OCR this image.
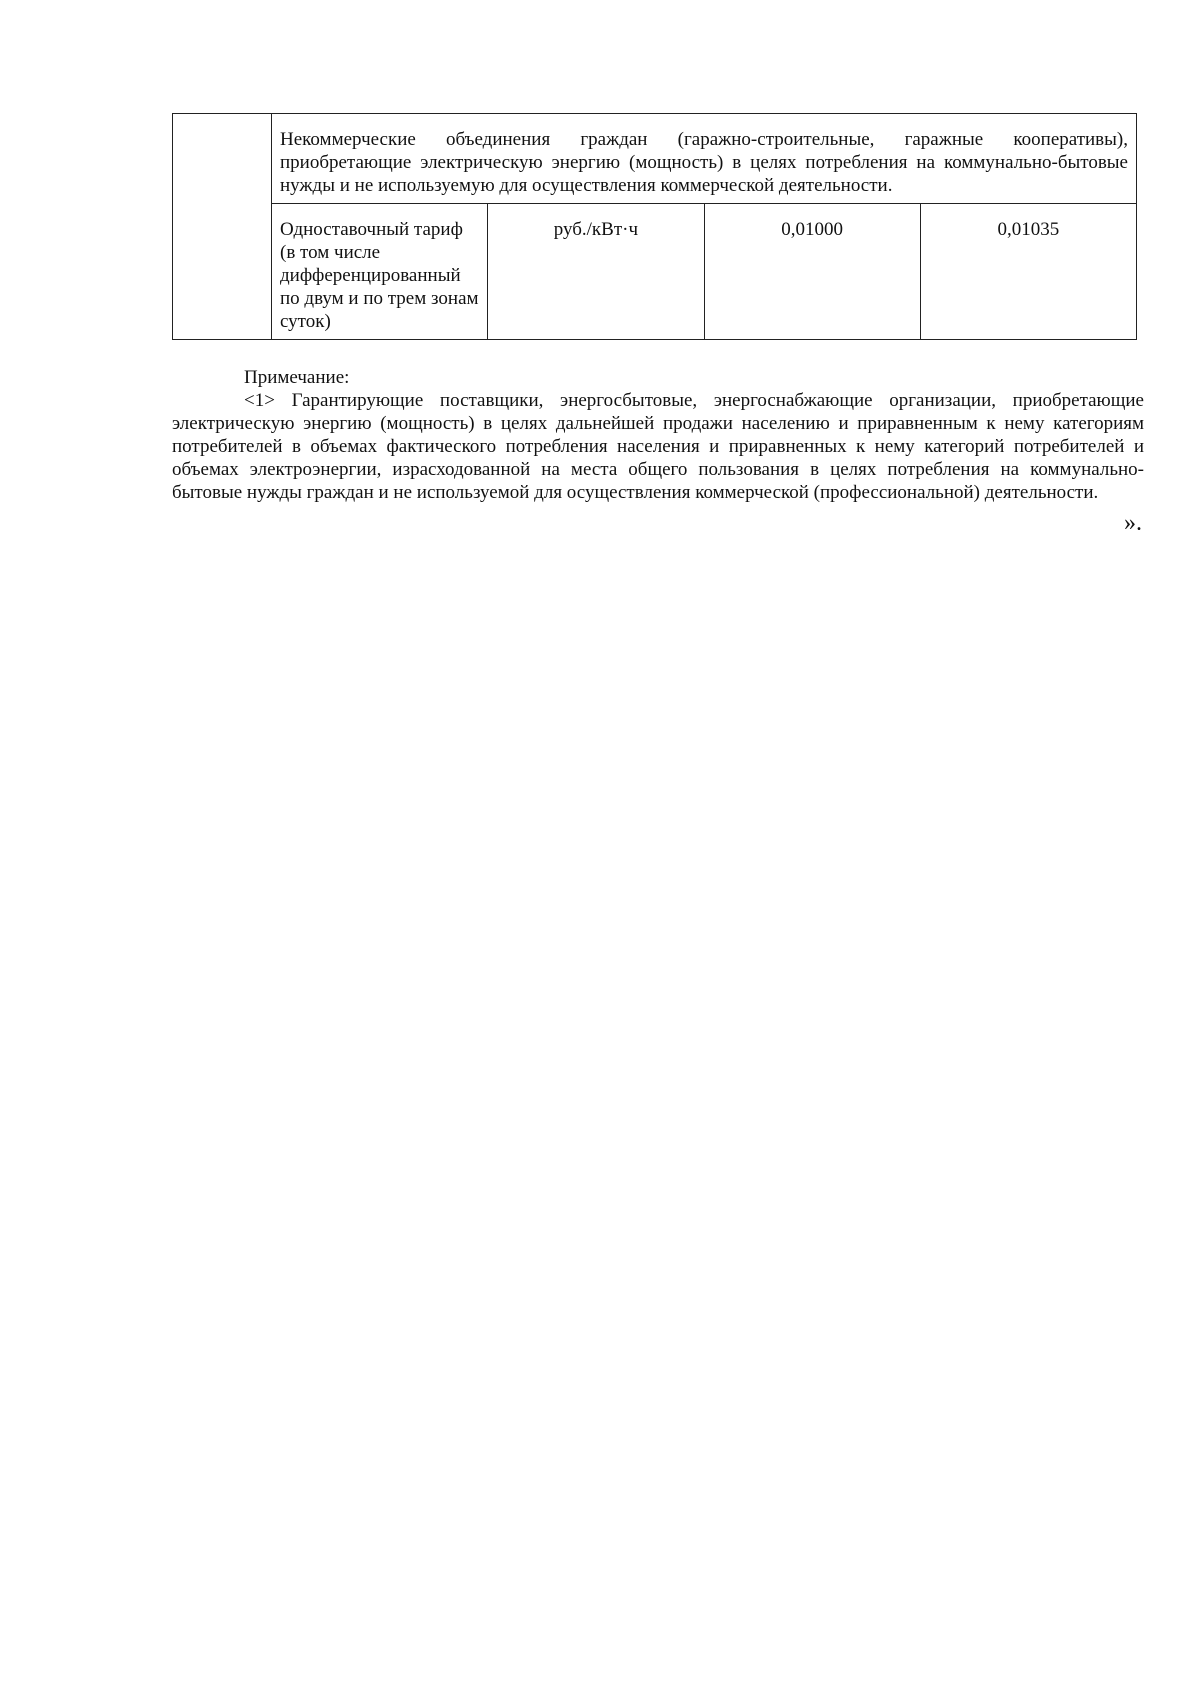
	Некоммерческие объединения граждан (гаражно-строительные, гаражные кооперативы), приобретающие электрическую энергию (мощность) в целях потребления на коммунально-бытовые нужды и не используемую для осуществления коммерческой деятельности.			
	Одноставочный тариф (в том числе дифференцированный по двум и по трем зонам суток)	руб./кВт·ч	0,01000	0,01035
Примечание:
<1> Гарантирующие поставщики, энергосбытовые, энергоснабжающие организации, приобретающие электрическую энергию (мощность) в целях дальнейшей продажи населению и приравненным к нему категориям потребителей в объемах фактического потребления населения и приравненных к нему категорий потребителей и объемах электроэнергии, израсходованной на места общего пользования в целях потребления на коммунально-бытовые нужды граждан и не используемой для осуществления коммерческой (профессиональной) деятельности.
».
